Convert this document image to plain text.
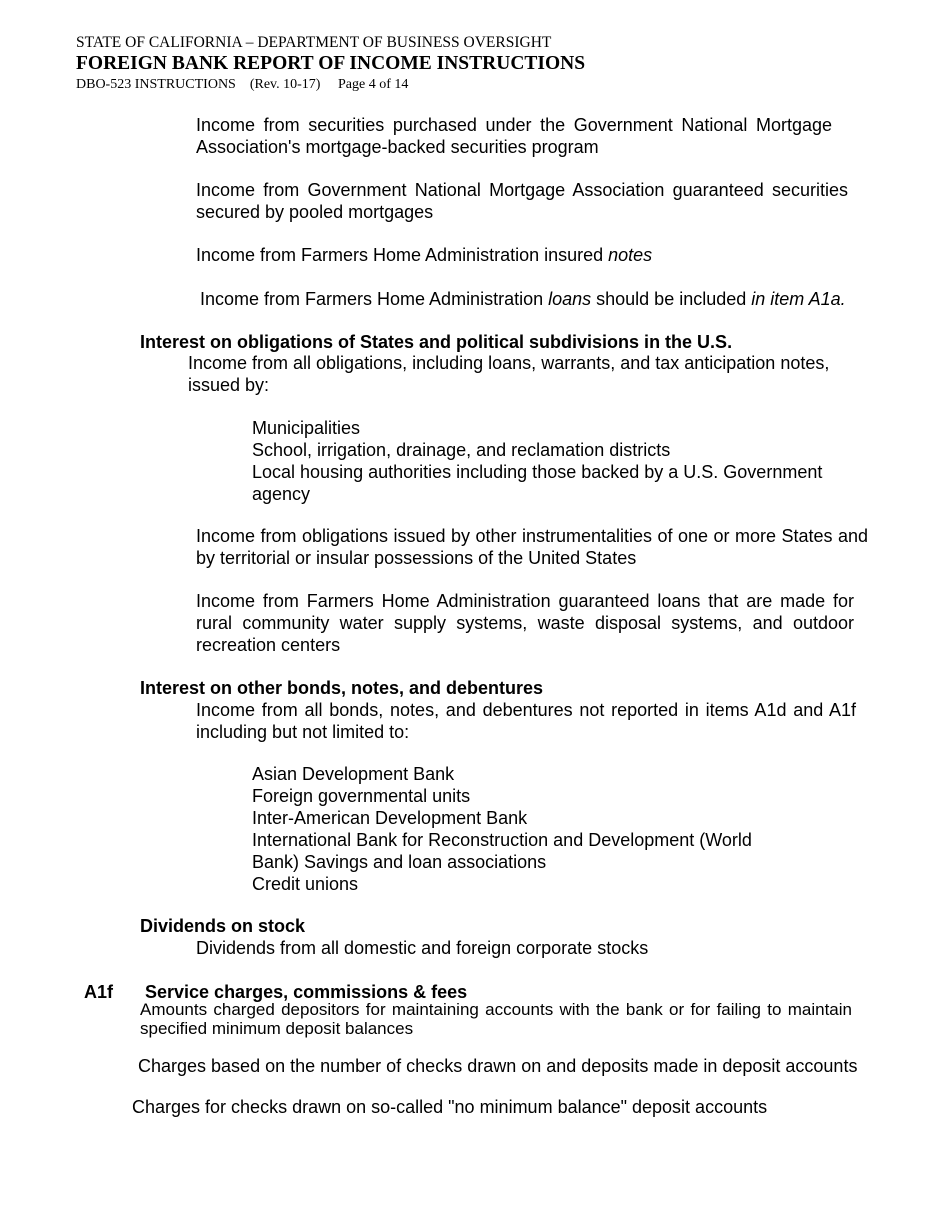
STATE OF CALIFORNIA – DEPARTMENT OF BUSINESS OVERSIGHT
FOREIGN BANK REPORT OF INCOME INSTRUCTIONS
DBO-523 INSTRUCTIONS (Rev. 10-17) Page 4 of 14
Income from securities purchased under the Government National Mortgage Association's mortgage-backed securities program
Income from Government National Mortgage Association guaranteed securities secured by pooled mortgages
Income from Farmers Home Administration insured notes
Income from Farmers Home Administration loans should be included in item A1a.
Interest on obligations of States and political subdivisions in the U.S.
Income from all obligations, including loans, warrants, and tax anticipation notes, issued by:
Municipalities
School, irrigation, drainage, and reclamation districts
Local housing authorities including those backed by a U.S. Government agency
Income from obligations issued by other instrumentalities of one or more States and by territorial or insular possessions of the United States
Income from Farmers Home Administration guaranteed loans that are made for rural community water supply systems, waste disposal systems, and outdoor recreation centers
Interest on other bonds, notes, and debentures
Income from all bonds, notes, and debentures not reported in items A1d and A1f including but not limited to:
Asian Development Bank
Foreign governmental units
Inter-American Development Bank
International Bank for Reconstruction and Development (World
Bank) Savings and loan associations
Credit unions
Dividends on stock
Dividends from all domestic and foreign corporate stocks
A1f Service charges, commissions & fees
Amounts charged depositors for maintaining accounts with the bank or for failing to maintain specified minimum deposit balances
Charges based on the number of checks drawn on and deposits made in deposit accounts
Charges for checks drawn on so-called "no minimum balance" deposit accounts
